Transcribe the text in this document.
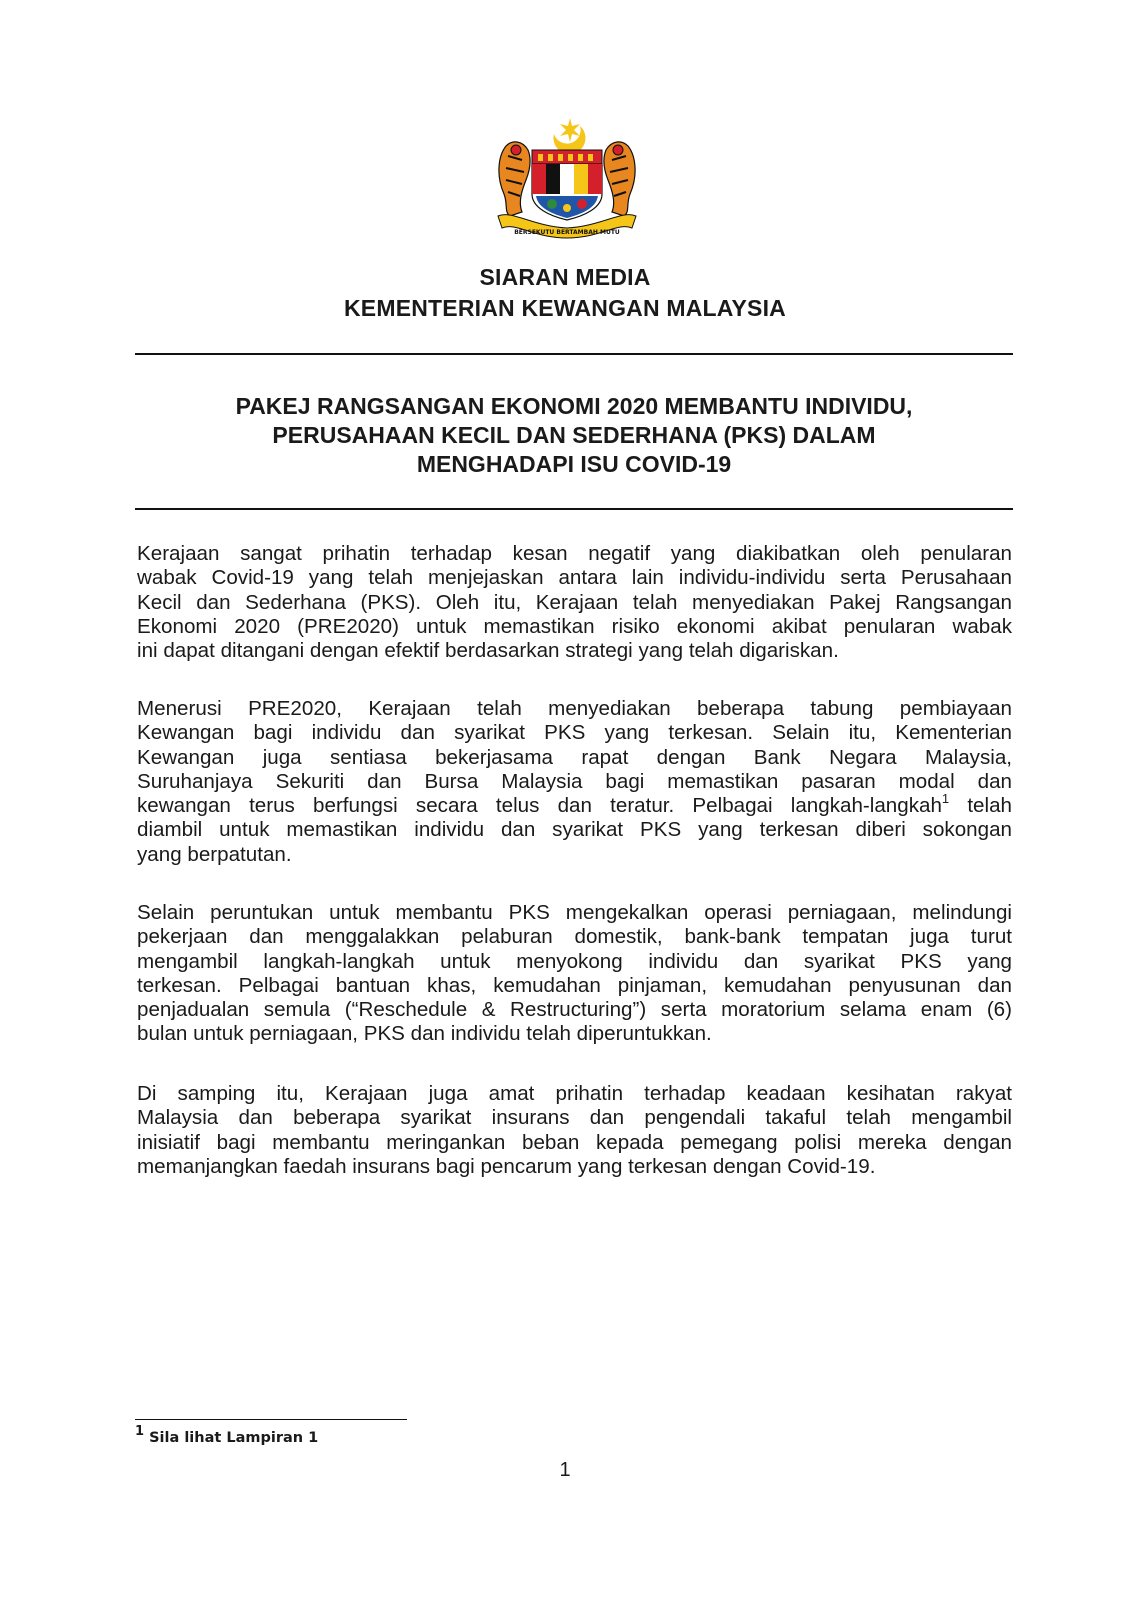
BERSEKUTU BERTAMBAH MUTU
SIARAN MEDIA
KEMENTERIAN KEWANGAN MALAYSIA
PAKEJ RANGSANGAN EKONOMI 2020 MEMBANTU INDIVIDU,
PERUSAHAAN KECIL DAN SEDERHANA (PKS) DALAM
MENGHADAPI ISU COVID-19
Kerajaan sangat prihatin terhadap kesan negatif yang diakibatkan oleh penularan
wabak Covid-19 yang telah menjejaskan antara lain individu-individu serta Perusahaan
Kecil dan Sederhana (PKS). Oleh itu, Kerajaan telah menyediakan Pakej Rangsangan
Ekonomi 2020 (PRE2020) untuk memastikan risiko ekonomi akibat penularan wabak
ini dapat ditangani dengan efektif berdasarkan strategi yang telah digariskan.
Menerusi PRE2020, Kerajaan telah menyediakan beberapa tabung pembiayaan
Kewangan bagi individu dan syarikat PKS yang terkesan. Selain itu, Kementerian
Kewangan juga sentiasa bekerjasama rapat dengan Bank Negara Malaysia,
Suruhanjaya Sekuriti dan Bursa Malaysia bagi memastikan pasaran modal dan
kewangan terus berfungsi secara telus dan teratur. Pelbagai langkah-langkah$^1$ telah
diambil untuk memastikan individu dan syarikat PKS yang terkesan diberi sokongan
yang berpatutan.
Selain peruntukan untuk membantu PKS mengekalkan operasi perniagaan, melindungi
pekerjaan dan menggalakkan pelaburan domestik, bank-bank tempatan juga turut
mengambil langkah-langkah untuk menyokong individu dan syarikat PKS yang
terkesan. Pelbagai bantuan khas, kemudahan pinjaman, kemudahan penyusunan dan
penjadualan semula (“Reschedule & Restructuring”) serta moratorium selama enam (6)
bulan untuk perniagaan, PKS dan individu telah diperuntukkan.
Di samping itu, Kerajaan juga amat prihatin terhadap keadaan kesihatan rakyat
Malaysia dan beberapa syarikat insurans dan pengendali takaful telah mengambil
inisiatif bagi membantu meringankan beban kepada pemegang polisi mereka dengan
memanjangkan faedah insurans bagi pencarum yang terkesan dengan Covid-19.
$^1$ Sila lihat Lampiran 1
1
